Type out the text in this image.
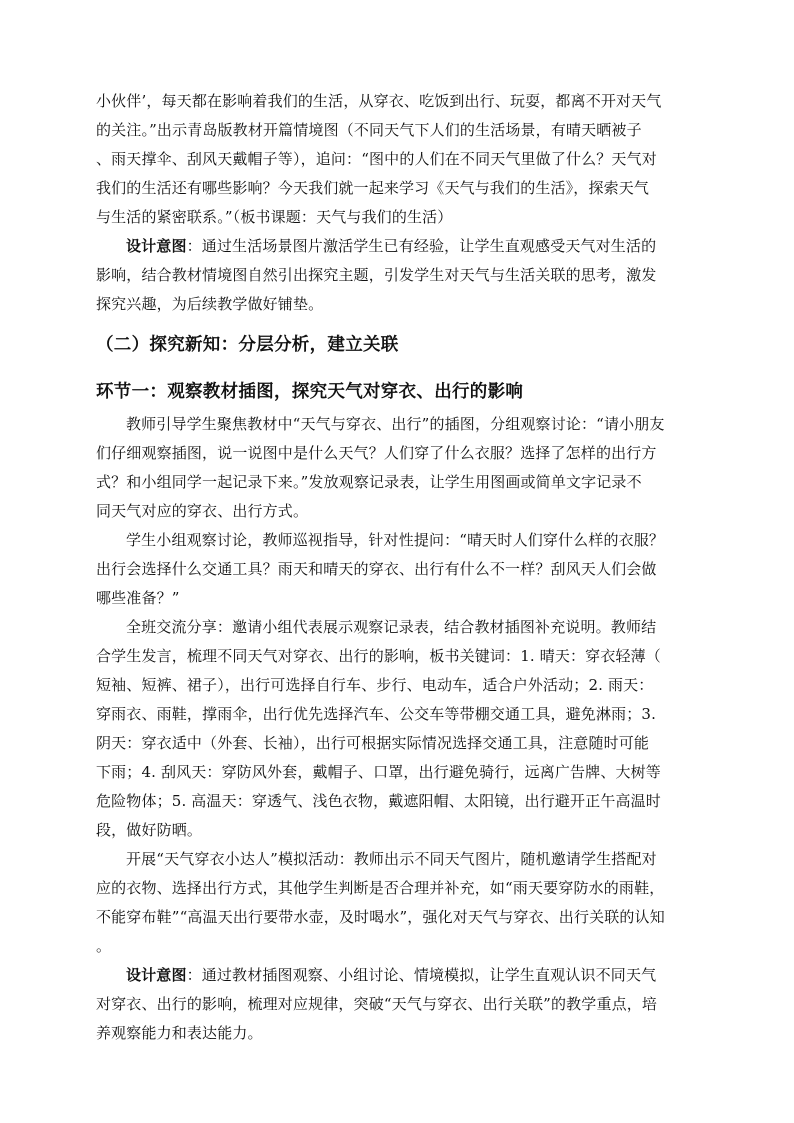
小伙伴’，每天都在影响着我们的生活，从穿衣、吃饭到出行、玩耍，都离不开对天气
的关注。”出示青岛版教材开篇情境图（不同天气下人们的生活场景，有晴天晒被子
、雨天撑伞、刮风天戴帽子等），追问：“图中的人们在不同天气里做了什么？天气对
我们的生活还有哪些影响？今天我们就一起来学习《天气与我们的生活》，探索天气
与生活的紧密联系。”（板书课题：天气与我们的生活）
设计意图：通过生活场景图片激活学生已有经验，让学生直观感受天气对生活的
影响，结合教材情境图自然引出探究主题，引发学生对天气与生活关联的思考，激发
探究兴趣，为后续教学做好铺垫。
（二）探究新知：分层分析，建立关联
环节一：观察教材插图，探究天气对穿衣、出行的影响
教师引导学生聚焦教材中“天气与穿衣、出行”的插图，分组观察讨论：“请小朋友
们仔细观察插图，说一说图中是什么天气？人们穿了什么衣服？选择了怎样的出行方
式？和小组同学一起记录下来。”发放观察记录表，让学生用图画或简单文字记录不
同天气对应的穿衣、出行方式。
学生小组观察讨论，教师巡视指导，针对性提问：“晴天时人们穿什么样的衣服？
出行会选择什么交通工具？雨天和晴天的穿衣、出行有什么不一样？刮风天人们会做
哪些准备？”
全班交流分享：邀请小组代表展示观察记录表，结合教材插图补充说明。教师结
合学生发言，梳理不同天气对穿衣、出行的影响，板书关键词：1. 晴天：穿衣轻薄（
短袖、短裤、裙子），出行可选择自行车、步行、电动车，适合户外活动；2. 雨天：
穿雨衣、雨鞋，撑雨伞，出行优先选择汽车、公交车等带棚交通工具，避免淋雨；3.
阴天：穿衣适中（外套、长袖），出行可根据实际情况选择交通工具，注意随时可能
下雨；4. 刮风天：穿防风外套，戴帽子、口罩，出行避免骑行，远离广告牌、大树等
危险物体；5. 高温天：穿透气、浅色衣物，戴遮阳帽、太阳镜，出行避开正午高温时
段，做好防晒。
开展“天气穿衣小达人”模拟活动：教师出示不同天气图片，随机邀请学生搭配对
应的衣物、选择出行方式，其他学生判断是否合理并补充，如“雨天要穿防水的雨鞋，
不能穿布鞋”“高温天出行要带水壶，及时喝水”，强化对天气与穿衣、出行关联的认知
。
设计意图：通过教材插图观察、小组讨论、情境模拟，让学生直观认识不同天气
对穿衣、出行的影响，梳理对应规律，突破“天气与穿衣、出行关联”的教学重点，培
养观察能力和表达能力。
